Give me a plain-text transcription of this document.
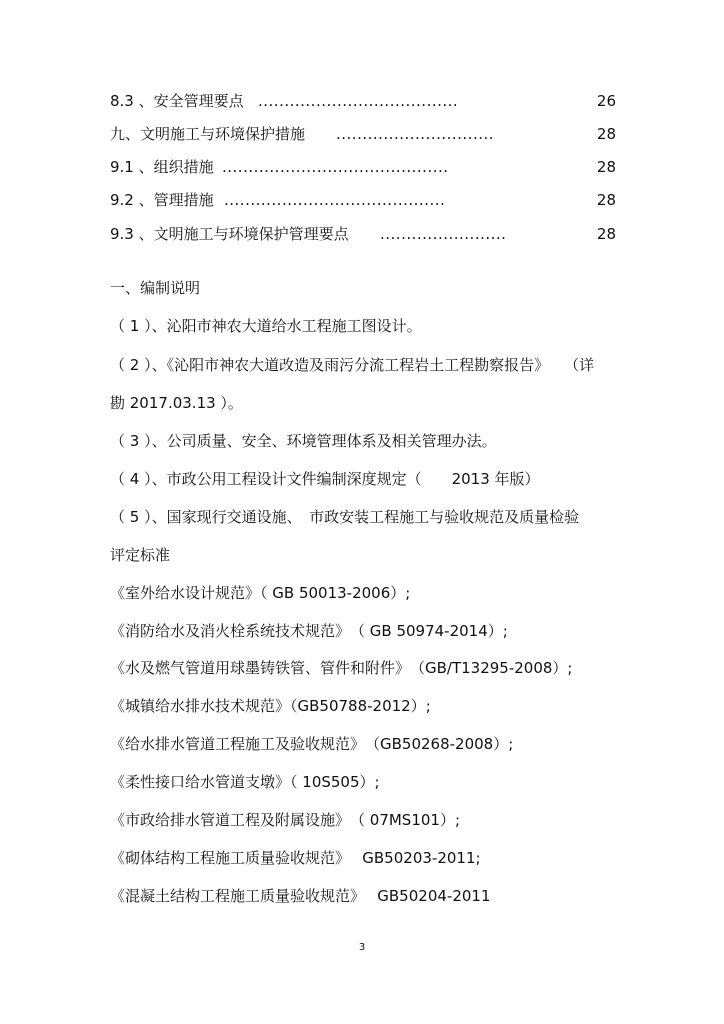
8.3 、安全管理要点 ......................................	26
九、文明施工与环境保护措施 ..............................	28
9.1 、组织措施 ...........................................	28
9.2 、管理措施 ..........................................	28
9.3 、文明施工与环境保护管理要点 ........................	28
一、编制说明
（ 1 ）、沁阳市神农大道给水工程施工图设计。
（ 2 ）、《沁阳市神农大道改造及雨污分流工程岩土工程勘察报告》　　（详
勘 2017.03.13 ）。
（ 3 ）、公司质量、安全、环境管理体系及相关管理办法。
（ 4 ）、市政公用工程设计文件编制深度规定（　　2013 年版）
（ 5 ）、国家现行交通设施、　市政安装工程施工与验收规范及质量检验
评定标准
《室外给水设计规范》（ GB 50013-2006）;
《消防给水及消火栓系统技术规范》　（ GB 50974-2014）;
《水及燃气管道用球墨铸铁管、管件和附件》　（GB/T13295-2008）;
《城镇给水排水技术规范》（GB50788-2012）;
《给水排水管道工程施工及验收规范》　（GB50268-2008）;
《柔性接口给水管道支墩》（ 10S505）;
《市政给排水管道工程及附属设施》　（ 07MS101）;
《砌体结构工程施工质量验收规范》　 GB50203-2011;
《混凝土结构工程施工质量验收规范》　 GB50204-2011
3
